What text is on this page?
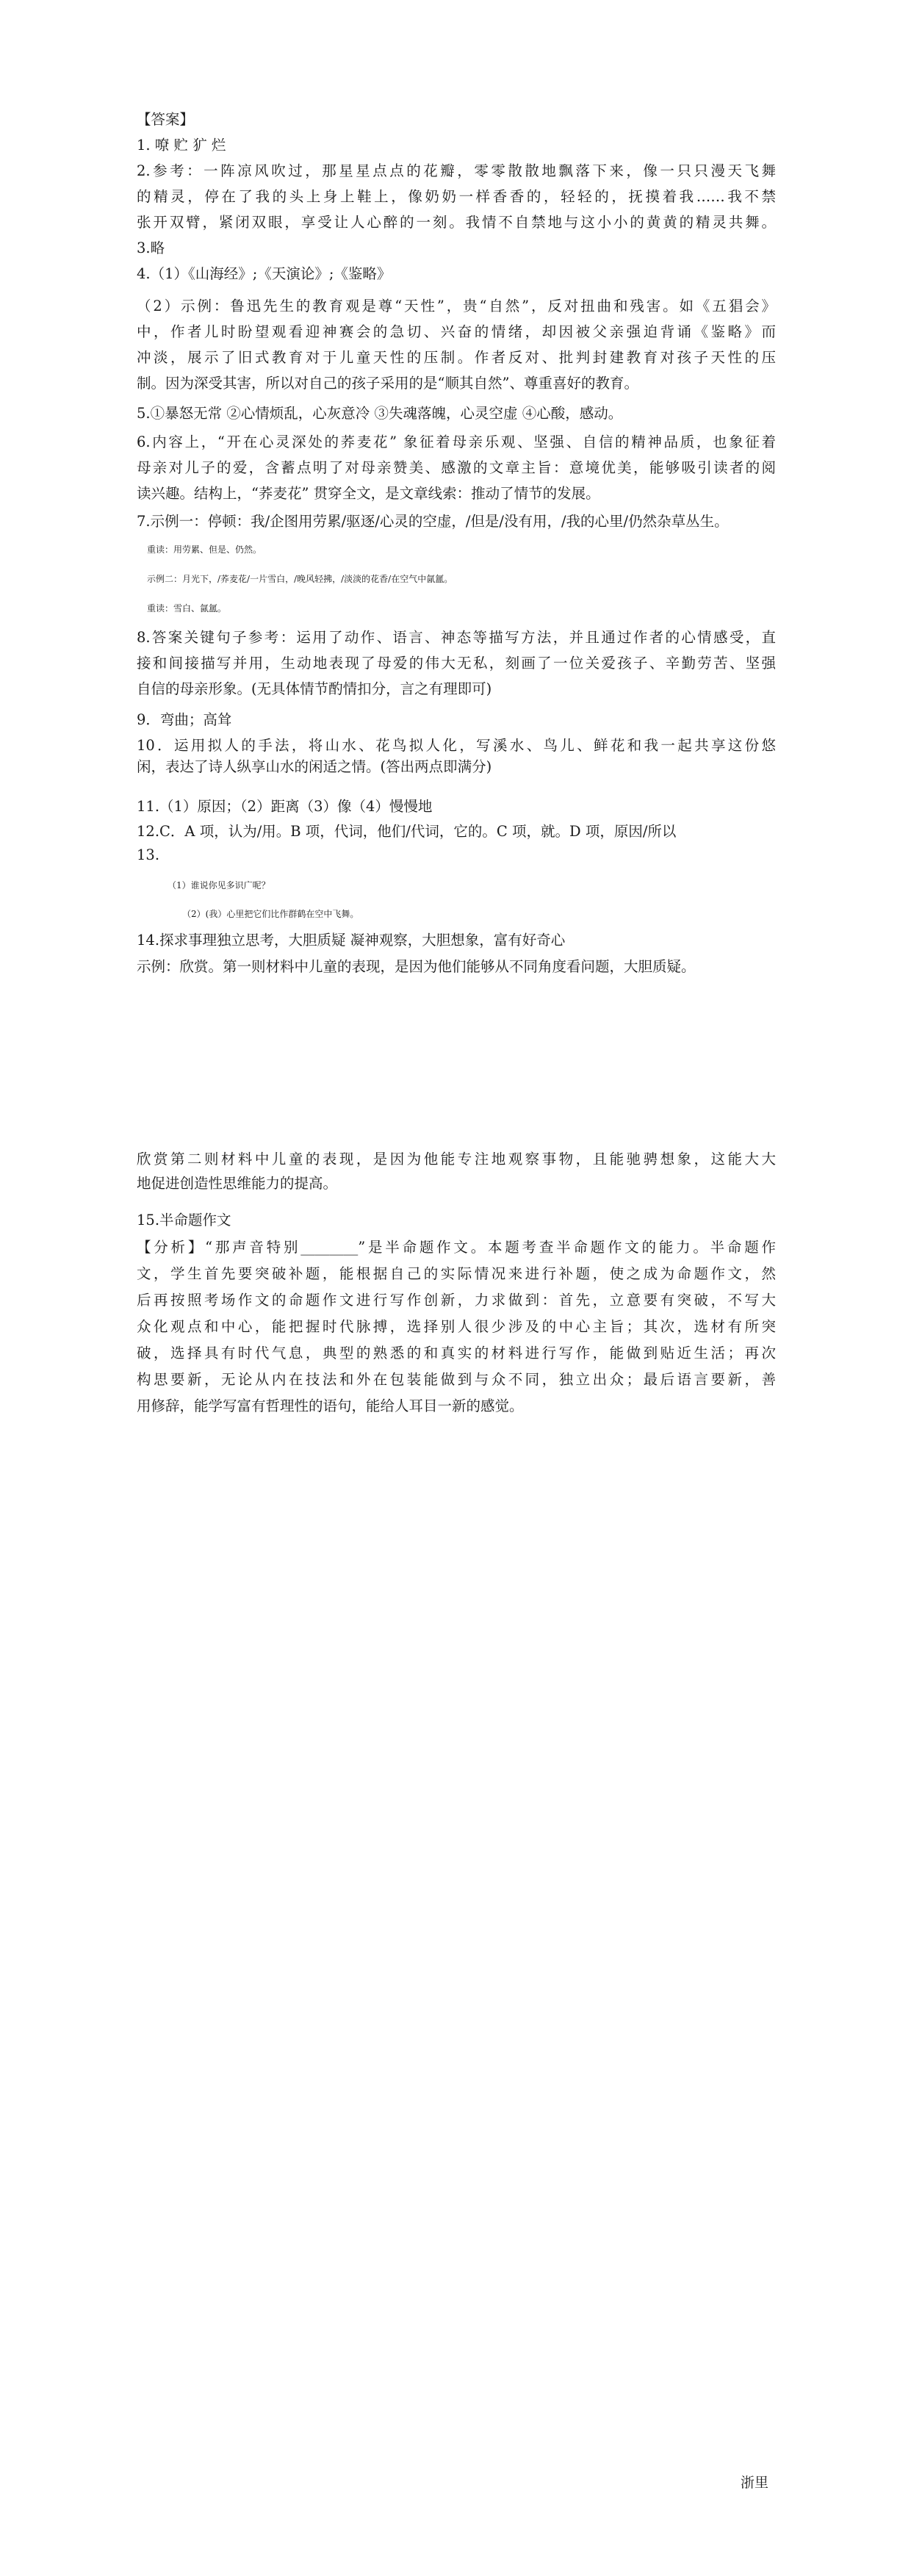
【答案】
1. 嘹 贮 犷 烂
2.参考：一阵凉风吹过，那星星点点的花瓣，零零散散地飘落下来，像一只只漫天飞舞
的精灵，停在了我的头上身上鞋上，像奶奶一样香香的，轻轻的，抚摸着我……我不禁
张开双臂，紧闭双眼，享受让人心醉的一刻。我情不自禁地与这小小的黄黄的精灵共舞。
3.略
4.（1）《山海经》;《天演论》;《鉴略》
（2）示例：鲁迅先生的教育观是尊“天性”，贵“自然”，反对扭曲和残害。如《五猖会》
中，作者儿时盼望观看迎神赛会的急切、兴奋的情绪，却因被父亲强迫背诵《鉴略》而
冲淡，展示了旧式教育对于儿童天性的压制。作者反对、批判封建教育对孩子天性的压
制。因为深受其害，所以对自己的孩子采用的是“顺其自然”、尊重喜好的教育。
5.①暴怒无常 ②心情烦乱，心灰意冷 ③失魂落魄，心灵空虚 ④心酸，感动。
6.内容上，“开在心灵深处的荞麦花” 象征着母亲乐观、坚强、自信的精神品质，也象征着
母亲对儿子的爱，含蓄点明了对母亲赞美、感激的文章主旨：意境优美，能够吸引读者的阅
读兴趣。结构上，“荞麦花” 贯穿全文，是文章线索：推动了情节的发展。
7.示例一：停顿：我/企图用劳累/驱逐/心灵的空虚，/但是/没有用，/我的心里/仍然杂草丛生。
重读：用劳累、但是、仍然。
示例二：月光下，/荞麦花/一片雪白，/晚风轻拂，/淡淡的花香/在空气中氤氲。
重读：雪白、氤氲。
8.答案关键句子参考：运用了动作、语言、神态等描写方法，并且通过作者的心情感受，直
接和间接描写并用，生动地表现了母爱的伟大无私，刻画了一位关爱孩子、辛勤劳苦、坚强
自信的母亲形象。(无具体情节酌情扣分，言之有理即可)
9．弯曲；高耸
10．运用拟人的手法，将山水、花鸟拟人化，写溪水、鸟儿、鲜花和我一起共享这份悠
闲，表达了诗人纵享山水的闲适之情。(答出两点即满分)
11.（1）原因；（2）距离（3）像（4）慢慢地
12.C．A 项，认为/用。B 项，代词，他们/代词，它的。C 项，就。D 项，原因/所以
13.
（1）谁说你见多识广呢？
（2）(我）心里把它们比作群鹤在空中飞舞。
14.探求事理独立思考，大胆质疑 凝神观察，大胆想象，富有好奇心
示例：欣赏。第一则材料中儿童的表现，是因为他们能够从不同角度看问题，大胆质疑。
欣赏第二则材料中儿童的表现，是因为他能专注地观察事物，且能驰骋想象，这能大大
地促进创造性思维能力的提高。
15.半命题作文
【分析】“那声音特别________”是半命题作文。本题考查半命题作文的能力。半命题作
文，学生首先要突破补题，能根据自己的实际情况来进行补题，使之成为命题作文，然
后再按照考场作文的命题作文进行写作创新，力求做到：首先，立意要有突破，不写大
众化观点和中心，能把握时代脉搏，选择别人很少涉及的中心主旨；其次，选材有所突
破，选择具有时代气息，典型的熟悉的和真实的材料进行写作，能做到贴近生活；再次
构思要新，无论从内在技法和外在包装能做到与众不同，独立出众；最后语言要新，善
用修辞，能学写富有哲理性的语句，能给人耳目一新的感觉。
浙里
